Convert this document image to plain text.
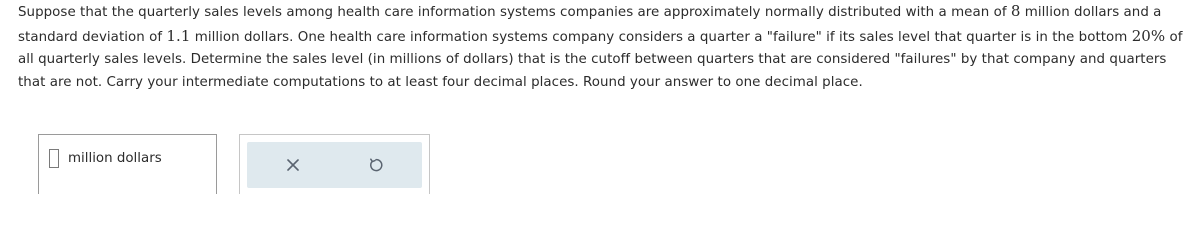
Suppose that the quarterly sales levels among health care information systems companies are approximately normally distributed with a mean of 8 million dollars and a standard deviation of 1.1 million dollars. One health care information systems company considers a quarter a "failure" if its sales level that quarter is in the bottom 20% of all quarterly sales levels. Determine the sales level (in millions of dollars) that is the cutoff between quarters that are considered "failures" by that company and quarters that are not. Carry your intermediate computations to at least four decimal places. Round your answer to one decimal place.
million dollars
